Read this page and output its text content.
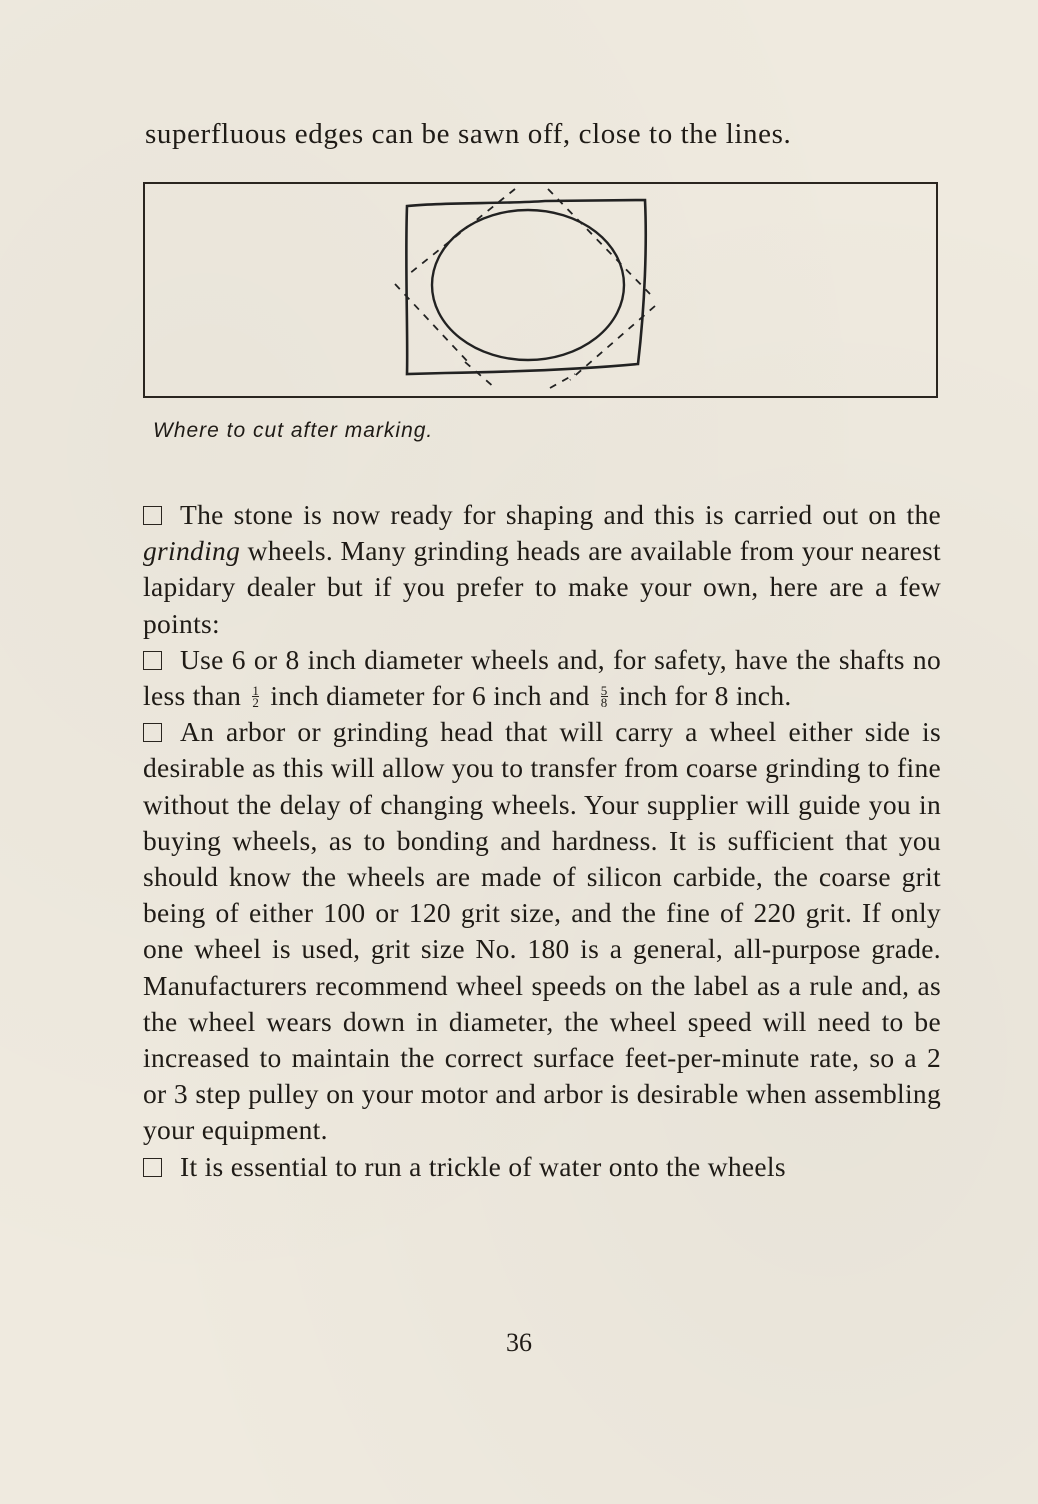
superfluous edges can be sawn off, close to the lines.
Where to cut after marking.

The stone is now ready for shaping and this is carried out on the grinding wheels. Many grinding heads are available from your nearest lapidary dealer but if you prefer to make your own, here are a few points:

Use 6 or 8 inch diameter wheels and, for safety, have the shafts no less than $\frac{1}{2}$ inch diameter for 6 inch and $\frac{5}{8}$ inch for 8 inch.

An arbor or grinding head that will carry a wheel either side is desirable as this will allow you to transfer from coarse grinding to fine without the delay of changing wheels. Your supplier will guide you in buying wheels, as to bonding and hardness. It is sufficient that you should know the wheels are made of silicon carbide, the coarse grit being of either 100 or 120 grit size, and the fine of 220 grit. If only one wheel is used, grit size No. 180 is a general, all-purpose grade. Manufacturers recommend wheel speeds on the label as a rule and, as the wheel wears down in diameter, the wheel speed will need to be increased to maintain the correct surface feet-per-minute rate, so a 2 or 3 step pulley on your motor and arbor is desirable when assembling your equipment.

It is essential to run a trickle of water onto the wheels

36
